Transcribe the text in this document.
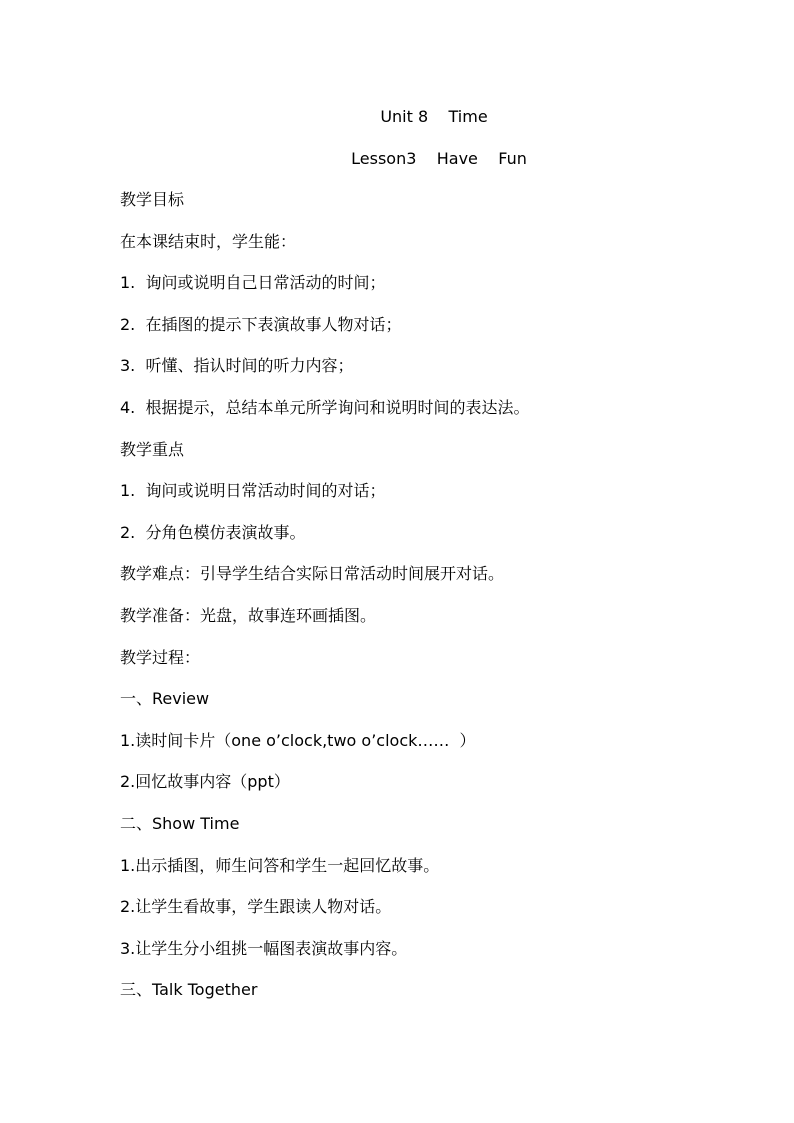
Unit 8    Time
Lesson3    Have    Fun
教学目标
在本课结束时，学生能：
1.  询问或说明自己日常活动的时间；
2.  在插图的提示下表演故事人物对话；
3.  听懂、指认时间的听力内容；
4.  根据提示，总结本单元所学询问和说明时间的表达法。
教学重点
1.  询问或说明日常活动时间的对话；
2.  分角色模仿表演故事。
教学难点：引导学生结合实际日常活动时间展开对话。
教学准备：光盘，故事连环画插图。
教学过程：
一、Review
1.读时间卡片（one o’clock,two o’clock……  ）
2.回忆故事内容（ppt）
二、Show Time
1.出示插图，师生问答和学生一起回忆故事。
2.让学生看故事，学生跟读人物对话。
3.让学生分小组挑一幅图表演故事内容。
三、Talk Together
